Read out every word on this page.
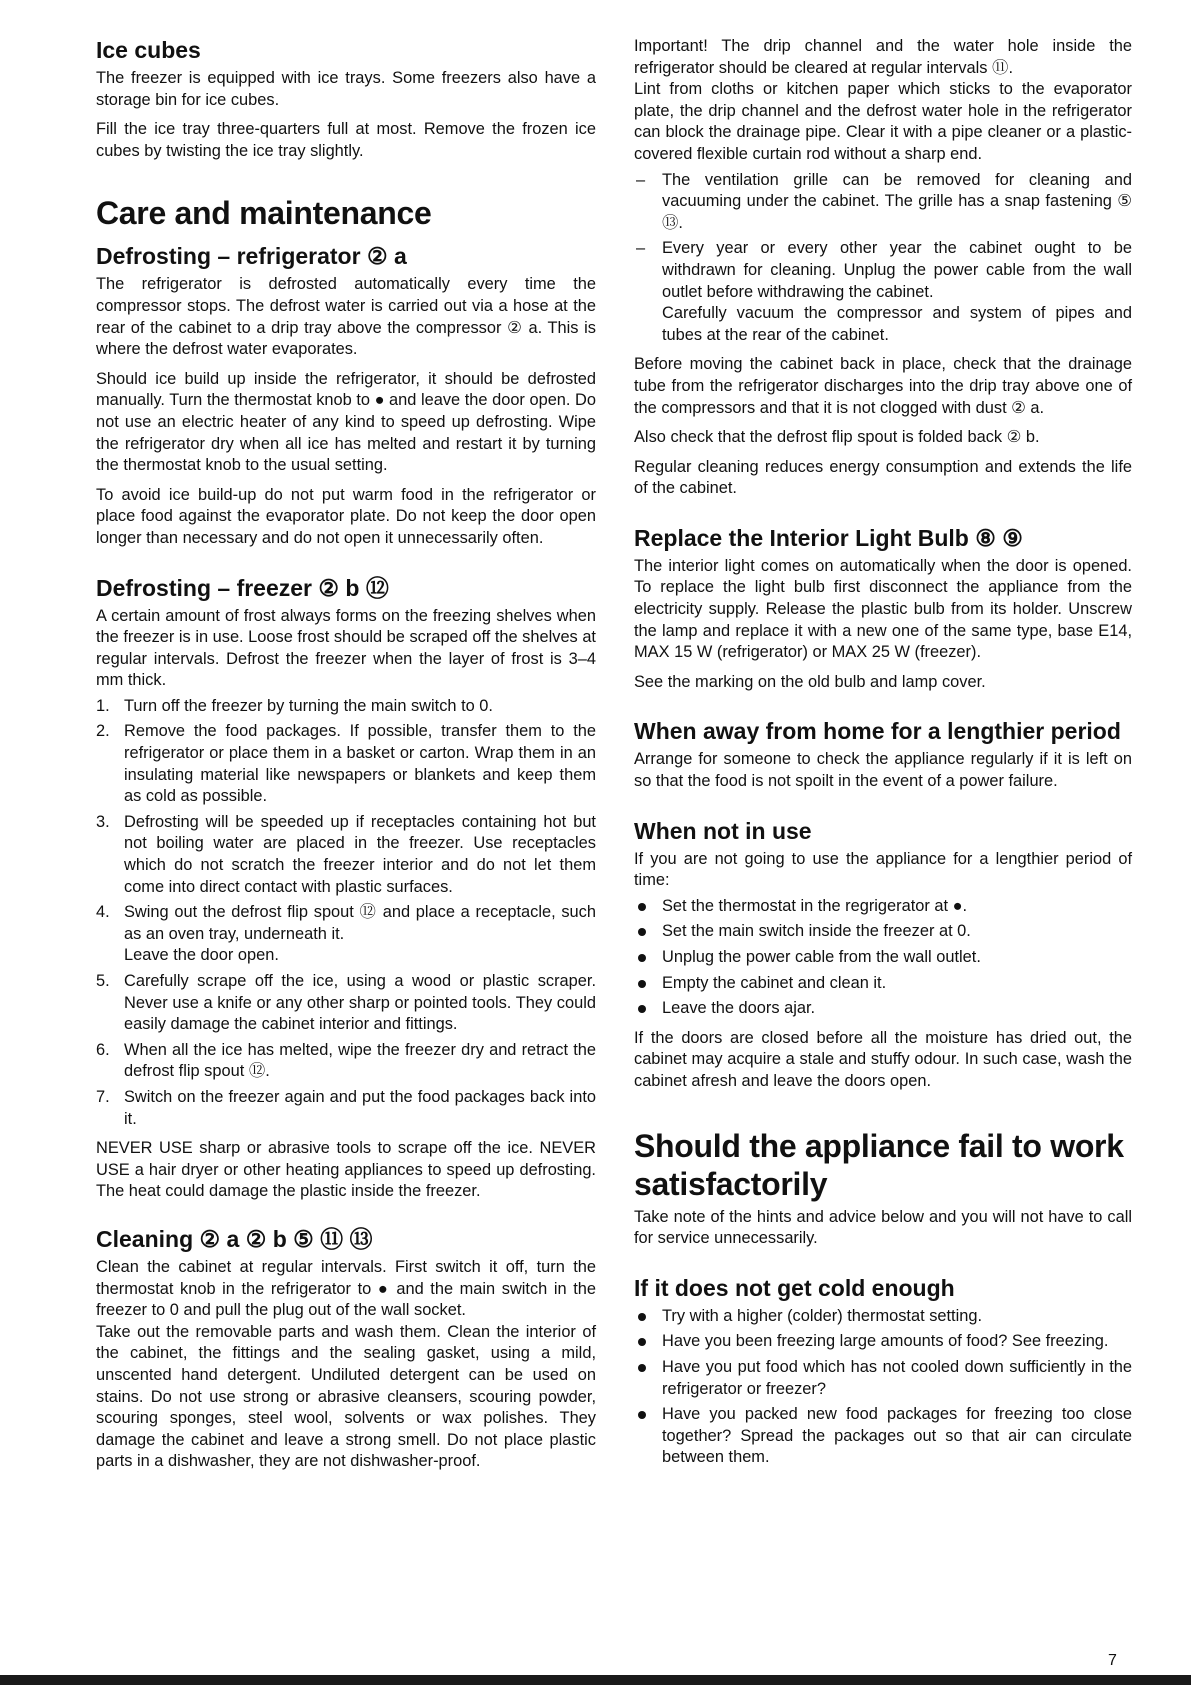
Ice cubes

The freezer is equipped with ice trays. Some freezers also have a storage bin for ice cubes.

Fill the ice tray three-quarters full at most. Remove the frozen ice cubes by twisting the ice tray slightly.

Care and maintenance
Defrosting – refrigerator ② a

The refrigerator is defrosted automatically every time the compressor stops. The defrost water is carried out via a hose at the rear of the cabinet to a drip tray above the compressor ② a. This is where the defrost water evaporates.

Should ice build up inside the refrigerator, it should be defrosted manually. Turn the thermostat knob to ● and leave the door open. Do not use an electric heater of any kind to speed up defrosting. Wipe the refrigerator dry when all ice has melted and restart it by turning the thermostat knob to the usual setting.

To avoid ice build-up do not put warm food in the refrigerator or place food against the evaporator plate. Do not keep the door open longer than necessary and do not open it unnecessarily often.

Defrosting – freezer ② b ⑫

A certain amount of frost always forms on the freezing shelves when the freezer is in use. Loose frost should be scraped off the shelves at regular intervals. Defrost the freezer when the layer of frost is 3–4 mm thick.

1. Turn off the freezer by turning the main switch to 0.
2. Remove the food packages. If possible, transfer them to the refrigerator or place them in a basket or carton. Wrap them in an insulating material like newspapers or blankets and keep them as cold as possible.
3. Defrosting will be speeded up if receptacles containing hot but not boiling water are placed in the freezer. Use receptacles which do not scratch the freezer interior and do not let them come into direct contact with plastic surfaces.
4. Swing out the defrost flip spout ⑫ and place a receptacle, such as an oven tray, underneath it.
Leave the door open.
5. Carefully scrape off the ice, using a wood or plastic scraper. Never use a knife or any other sharp or pointed tools. They could easily damage the cabinet interior and fittings.
6. When all the ice has melted, wipe the freezer dry and retract the defrost flip spout ⑫.
7. Switch on the freezer again and put the food packages back into it.

NEVER USE sharp or abrasive tools to scrape off the ice. NEVER USE a hair dryer or other heating appliances to speed up defrosting. The heat could damage the plastic inside the freezer.

Cleaning ② a ② b ⑤ ⑪ ⑬

Clean the cabinet at regular intervals. First switch it off, turn the thermostat knob in the refrigerator to ● and the main switch in the freezer to 0 and pull the plug out of the wall socket.

Take out the removable parts and wash them. Clean the interior of the cabinet, the fittings and the sealing gasket, using a mild, unscented hand detergent. Undiluted detergent can be used on stains. Do not use strong or abrasive cleansers, scouring powder, scouring sponges, steel wool, solvents or wax polishes. They damage the cabinet and leave a strong smell. Do not place plastic parts in a dishwasher, they are not dishwasher-proof.

Important! The drip channel and the water hole inside the refrigerator should be cleared at regular intervals ⑪.

Lint from cloths or kitchen paper which sticks to the evaporator plate, the drip channel and the defrost water hole in the refrigerator can block the drainage pipe. Clear it with a pipe cleaner or a plastic-covered flexible curtain rod without a sharp end.

– The ventilation grille can be removed for cleaning and vacuuming under the cabinet. The grille has a snap fastening ⑤ ⑬.
– Every year or every other year the cabinet ought to be withdrawn for cleaning. Unplug the power cable from the wall outlet before withdrawing the cabinet.
Carefully vacuum the compressor and system of pipes and tubes at the rear of the cabinet.

Before moving the cabinet back in place, check that the drainage tube from the refrigerator discharges into the drip tray above one of the compressors and that it is not clogged with dust ② a.

Also check that the defrost flip spout is folded back ② b.

Regular cleaning reduces energy consumption and extends the life of the cabinet.

Replace the Interior Light Bulb ⑧ ⑨

The interior light comes on automatically when the door is opened. To replace the light bulb first disconnect the appliance from the electricity supply. Release the plastic bulb from its holder. Unscrew the lamp and replace it with a new one of the same type, base E14, MAX 15 W (refrigerator) or MAX 25 W (freezer).

See the marking on the old bulb and lamp cover.

When away from home for a lengthier period

Arrange for someone to check the appliance regularly if it is left on so that the food is not spoilt in the event of a power failure.

When not in use

If you are not going to use the appliance for a lengthier period of time:

Set the thermostat in the regrigerator at ●.
Set the main switch inside the freezer at 0.
Unplug the power cable from the wall outlet.
Empty the cabinet and clean it.
Leave the doors ajar.

If the doors are closed before all the moisture has dried out, the cabinet may acquire a stale and stuffy odour. In such case, wash the cabinet afresh and leave the doors open.

Should the appliance fail to work satisfactorily

Take note of the hints and advice below and you will not have to call for service unnecessarily.

If it does not get cold enough
Try with a higher (colder) thermostat setting.
Have you been freezing large amounts of food? See freezing.
Have you put food which has not cooled down sufficiently in the refrigerator or freezer?
Have you packed new food packages for freezing too close together? Spread the packages out so that air can circulate between them.
7
